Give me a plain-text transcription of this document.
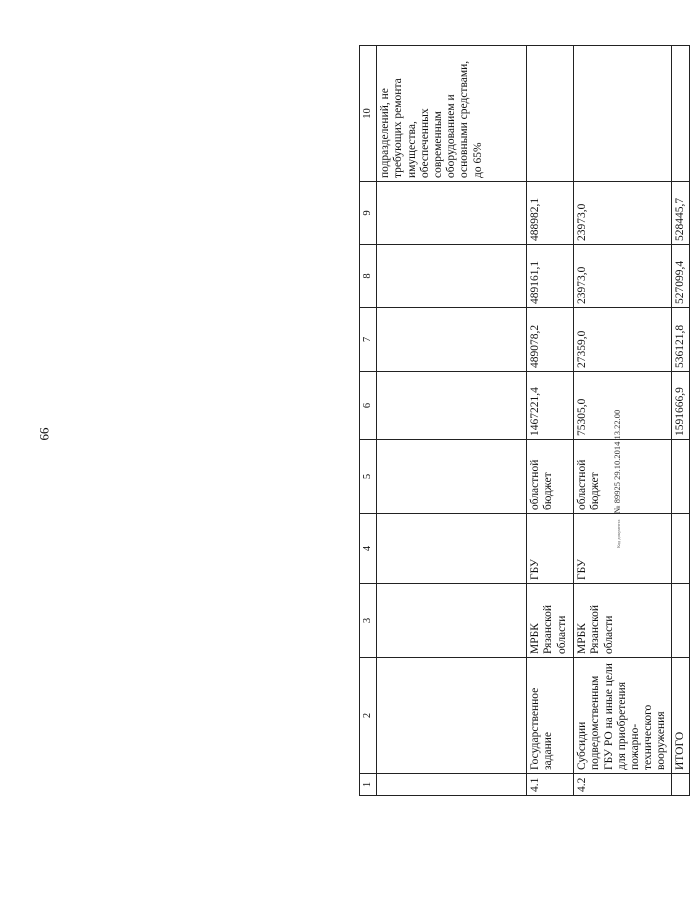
99
1	2	3	4	5	6	7	8	9	10
									подразделений, не требующих ремонта имущества, обеспеченных современным оборудованием и основными средствами, до 65%
4.1	Государственное задание	МРБК Рязанской области	ГБУ	областной бюджет	1467221,4	489078,2	489161,1	488982,1	
4.2	Субсидии подведомственным ГБУ РО на иные цели для приобретения пожарно-технического вооружения	МРБК Рязанской области	ГБУ	областной бюджет	75305,0	27359,0	23973,0	23973,0	
	ИТОГО				1591666,9	536121,8	527099,4	528445,7	
Код документа № 89925 29.10.2014 13.22.00
